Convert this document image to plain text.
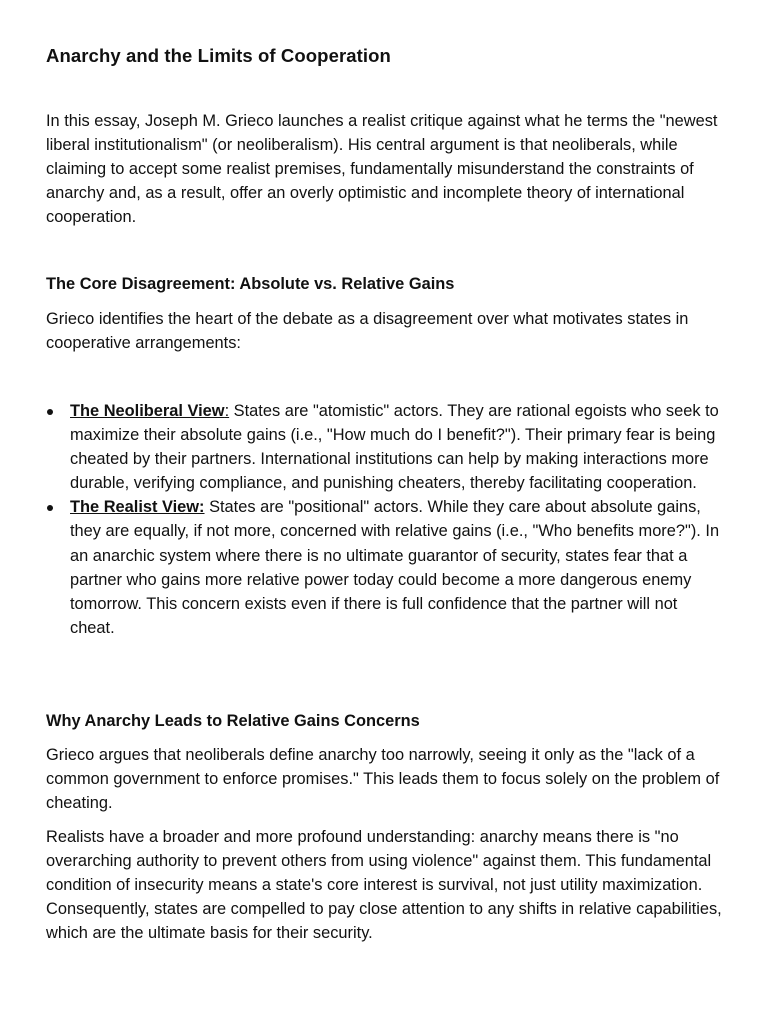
Anarchy and the Limits of Cooperation

In this essay, Joseph M. Grieco launches a realist critique against what he terms the "newest liberal institutionalism" (or neoliberalism). His central argument is that neoliberals, while claiming to accept some realist premises, fundamentally misunderstand the constraints of anarchy and, as a result, offer an overly optimistic and incomplete theory of international cooperation.

The Core Disagreement: Absolute vs. Relative Gains

Grieco identifies the heart of the debate as a disagreement over what motivates states in cooperative arrangements:

The Neoliberal View: States are "atomistic" actors. They are rational egoists who seek to maximize their absolute gains (i.e., "How much do I benefit?"). Their primary fear is being cheated by their partners. International institutions can help by making interactions more durable, verifying compliance, and punishing cheaters, thereby facilitating cooperation.
The Realist View: States are "positional" actors. While they care about absolute gains, they are equally, if not more, concerned with relative gains (i.e., "Who benefits more?"). In an anarchic system where there is no ultimate guarantor of security, states fear that a partner who gains more relative power today could become a more dangerous enemy tomorrow. This concern exists even if there is full confidence that the partner will not cheat.
Why Anarchy Leads to Relative Gains Concerns

Grieco argues that neoliberals define anarchy too narrowly, seeing it only as the "lack of a common government to enforce promises." This leads them to focus solely on the problem of cheating.

Realists have a broader and more profound understanding: anarchy means there is "no overarching authority to prevent others from using violence" against them. This fundamental condition of insecurity means a state's core interest is survival, not just utility maximization. Consequently, states are compelled to pay close attention to any shifts in relative capabilities, which are the ultimate basis for their security.
